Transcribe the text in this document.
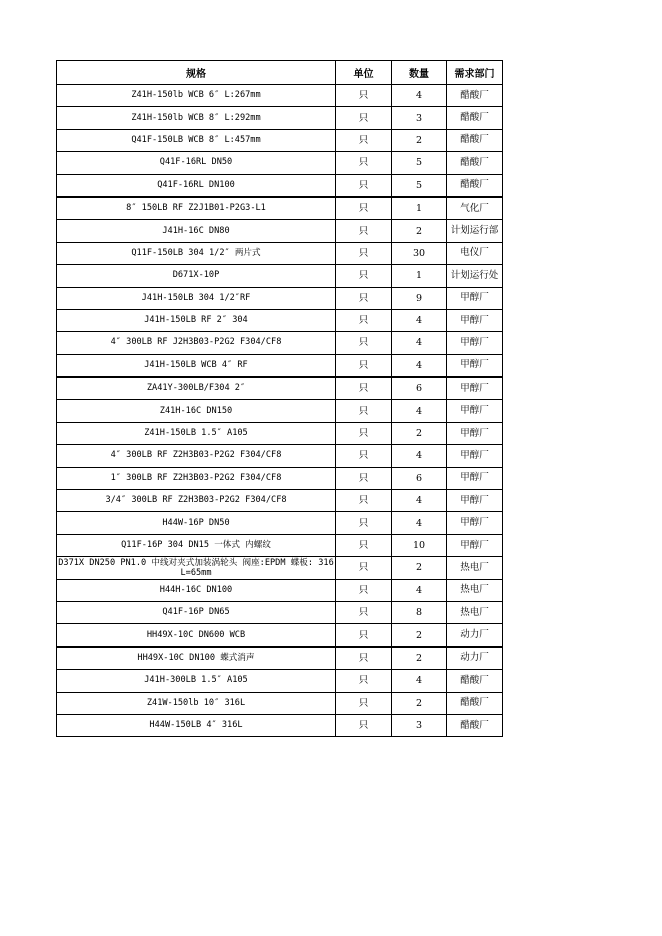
规格	单位	数量	需求部门
Z41H-150lb WCB 6″ L:267mm	只	4	醋酸厂
Z41H-150lb WCB 8″ L:292mm	只	3	醋酸厂
Q41F-150LB WCB 8″ L:457mm	只	2	醋酸厂
Q41F-16RL DN50	只	5	醋酸厂
Q41F-16RL DN100	只	5	醋酸厂
8″ 150LB RF Z2J1B01-P2G3-L1	只	1	气化厂
J41H-16C DN80	只	2	计划运行部
Q11F-150LB 304 1/2″ 两片式	只	30	电仪厂
D671X-10P	只	1	计划运行处
J41H-150LB 304 1/2″RF	只	9	甲醇厂
J41H-150LB RF 2″ 304	只	4	甲醇厂
4″ 300LB RF J2H3B03-P2G2 F304/CF8	只	4	甲醇厂
J41H-150LB WCB 4″ RF	只	4	甲醇厂
ZA41Y-300LB/F304 2″	只	6	甲醇厂
Z41H-16C DN150	只	4	甲醇厂
Z41H-150LB 1.5″ A105	只	2	甲醇厂
4″ 300LB RF Z2H3B03-P2G2 F304/CF8	只	4	甲醇厂
1″ 300LB RF Z2H3B03-P2G2 F304/CF8	只	6	甲醇厂
3/4″ 300LB RF Z2H3B03-P2G2 F304/CF8	只	4	甲醇厂
H44W-16P DN50	只	4	甲醇厂
Q11F-16P 304 DN15 一体式 内螺纹	只	10	甲醇厂
D371X DN250 PN1.0 中线对夹式加装涡轮头 阀座:EPDM 蝶板: 316 L=65mm	只	2	热电厂
H44H-16C DN100	只	4	热电厂
Q41F-16P DN65	只	8	热电厂
HH49X-10C DN600 WCB	只	2	动力厂
HH49X-10C DN100 蝶式消声	只	2	动力厂
J41H-300LB 1.5″ A105	只	4	醋酸厂
Z41W-150lb 10″ 316L	只	2	醋酸厂
H44W-150LB 4″ 316L	只	3	醋酸厂
